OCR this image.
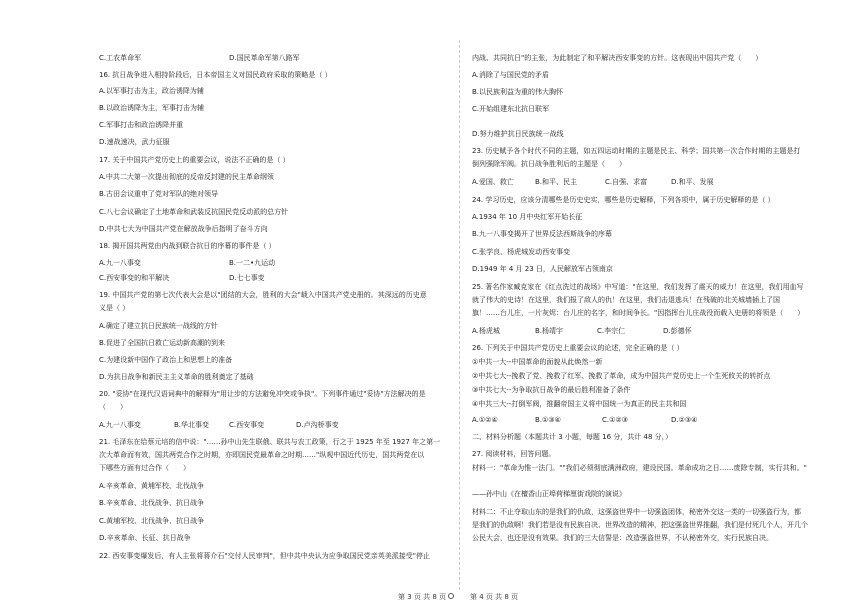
C.工农革命军	D.国民革命军第八路军

16. 抗日战争进入相持阶段后，日本帝国主义对国民政府采取的策略是（ ）

A.以军事打击为主，政治诱降为辅

B.以政治诱降为主，军事打击为辅

C.军事打击和政治诱降并重

D.速战速决，武力征服

17. 关于中国共产党历史上的重要会议，说法不正确的是（ ）

A.中共二大第一次提出彻底的反帝反封建的民主革命纲领

B.古田会议重申了党对军队的绝对领导

C.八七会议确定了土地革命和武装反抗国民党反动派的总方针

D.中共七大为中国共产党在解放战争后指明了奋斗方向

18. 揭开国共两党由内战到联合抗日的序幕的事件是（ ）

A.九一八事变	B.一二•九运动

C.西安事变的和平解决	D.七七事变

19. 中国共产党的第七次代表大会是以"团结的大会，胜利的大会"载入中国共产党史册的。其深远的历史意

义是（ ）

A.确定了建立抗日民族统一战线的方针

B.促进了全国抗日救亡运动新高潮的到来

C.为建设新中国作了政治上和思想上的准备

D.为抗日战争和新民主主义革命的胜利奠定了基础

20. "妥协"在现代汉语词典中的解释为"用让步的方法避免冲突或争执"。下列事件通过"妥协"方法解决的是

（　　）

A.九一八事变	B.华北事变	C.西安事变	D.卢沟桥事变

21. 毛泽东在给蔡元培的信中说："……孙中山先生联俄、联共与农工政策，行之于 1925 年至 1927 年之第一

次大革命而有效，国共两党合作之时期，亦即国民党最革命之时期……"纵观中国近代历史，国共两党在以

下哪些方面有过合作（　　）

A.辛亥革命、黄埔军校、北伐战争

B.辛亥革命、北伐战争、抗日战争

C.黄埔军校、北伐战争、抗日战争

D.辛亥革命、长征、抗日战争

22. 西安事变爆发后，有人主张将蒋介石"交付人民审判"，但中共中央认为应争取国民党亲英美派接受"停止

内战、共同抗日"的主张，为此制定了和平解决西安事变的方针。这表现出中国共产党（　　）

A.消除了与国民党的矛盾

B.以民族利益为重的伟大胸怀

C.开始组建东北抗日联军

D.努力维护抗日民族统一战线

23. 历史赋予各个时代不同的主题，如五四运动时期的主题是民主、科学；国共第一次合作时期的主题是打

倒列强除军阀。抗日战争胜利后的主题是（　　）

A.爱国、救亡	B.和平、民主	C.自强、求富	D.和平、发展

24. 学习历史，应该分清哪些是历史史实，哪些是历史解释，下列各项中，属于历史解释的是（ ）

A.1934 年 10 月中央红军开始长征

B.九一八事变揭开了世界反法西斯战争的序幕

C.张学良、杨虎城发动西安事变

D.1949 年 4 月 23 日，人民解放军占领南京

25. 著名作家臧克家在《红点洗过的战场》中写道："在这里，我们发挥了震天的威力！在这里，我们用血写

就了伟大的史诗！在这里，我们报了敌人的仇！在这里，我们击退逃兵！在残破的北关城墙插上了国

旗！……台儿庄，一片灰烬：台儿庄的名字，和时间争长。"因指挥台儿庄战役而载入史册的将领是（　　）

A.杨虎城	B.杨靖宇	C.李宗仁	D.彭德怀

26. 下列关于中国共产党历史上重要会议的论述，完全正确的是（ ）

①中共一大--中国革命的面貌从此焕然一新

②中共七大--挽救了党、挽救了红军、挽救了革命，成为中国共产党历史上一个生死攸关的转折点

③中共七大--为争取抗日战争的最后胜利准备了条件

④中共三大--打倒军阀，推翻帝国主义将中国统一为真正的民主共和国

A.①②④	B.①③④	C.①②③	D.②③④

二、材料分析题（本题共计 3 小题，每题 16 分，共计 48 分，）

27. 阅读材料，回答问题。

材料一："革命为惟一法门。""我们必须彻底满洲政府，建设民国。革命成功之日……废除专制，实行共和。"

——孙中山《在檀香山正埠荷梯厘街戏院的演说》

材料二：不止夺取山东的是我们的仇敌，这强盗世界中一切强盗团体，秘密外交这一类的一切强盗行为，都

是我们的仇敌啊！我们若是没有民族自决、世界改造的精神，把这强盗世界推翻，我们是付死几个人，开几个

公民大会，也还是没有效果。我们的三大信誓是：改造强盗世界，不认秘密外交，实行民族自决。

第 3 页 共 8 页	第 4 页 共 8 页
